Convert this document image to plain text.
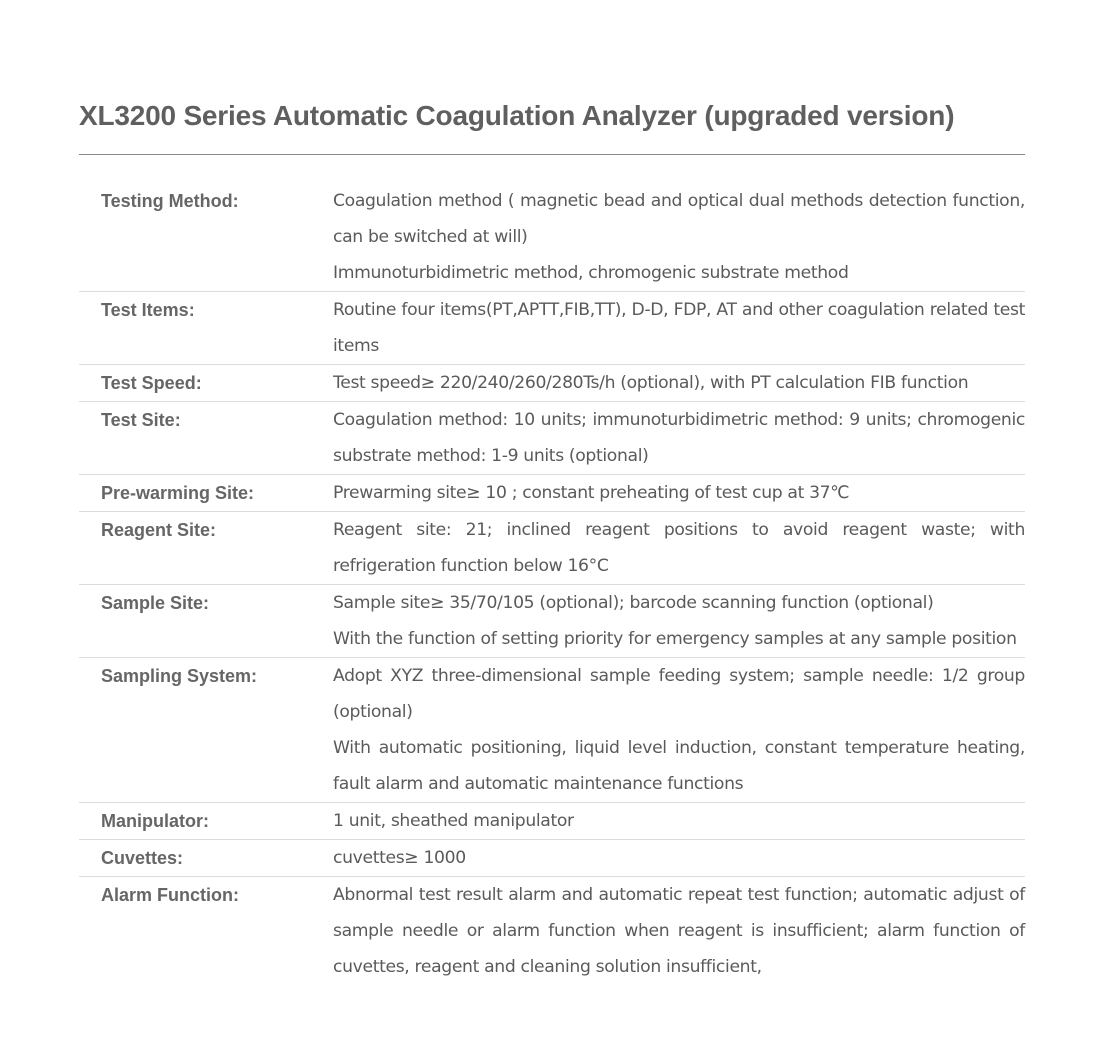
XL3200 Series Automatic Coagulation Analyzer (upgraded version)
Testing Method:	Coagulation method ( magnetic bead and optical dual methods detection function, can be switched at will)
Immunoturbidimetric method, chromogenic substrate method
Test Items:	Routine four items(PT,APTT,FIB,TT), D-D, FDP, AT and other coagulation related test items
Test Speed:	Test speed≥ 220/240/260/280Ts/h (optional), with PT calculation FIB function
Test Site:	Coagulation method: 10 units; immunoturbidimetric method: 9 units; chromogenic substrate method: 1-9 units (optional)
Pre-warming Site:	Prewarming site≥ 10 ; constant preheating of test cup at 37℃
Reagent Site:	Reagent site: 21; inclined reagent positions to avoid reagent waste; with refrigeration function below 16°C
Sample Site:	Sample site≥ 35/70/105 (optional); barcode scanning function (optional)
With the function of setting priority for emergency samples at any sample position
Sampling System:	Adopt XYZ three-dimensional sample feeding system; sample needle: 1/2 group (optional)
With automatic positioning, liquid level induction, constant temperature heating, fault alarm and automatic maintenance functions
Manipulator:	1 unit, sheathed manipulator
Cuvettes:	cuvettes≥ 1000
Alarm Function:	Abnormal test result alarm and automatic repeat test function; automatic adjust of sample needle or alarm function when reagent is insufficient; alarm function of cuvettes, reagent and cleaning solution insufficient,
